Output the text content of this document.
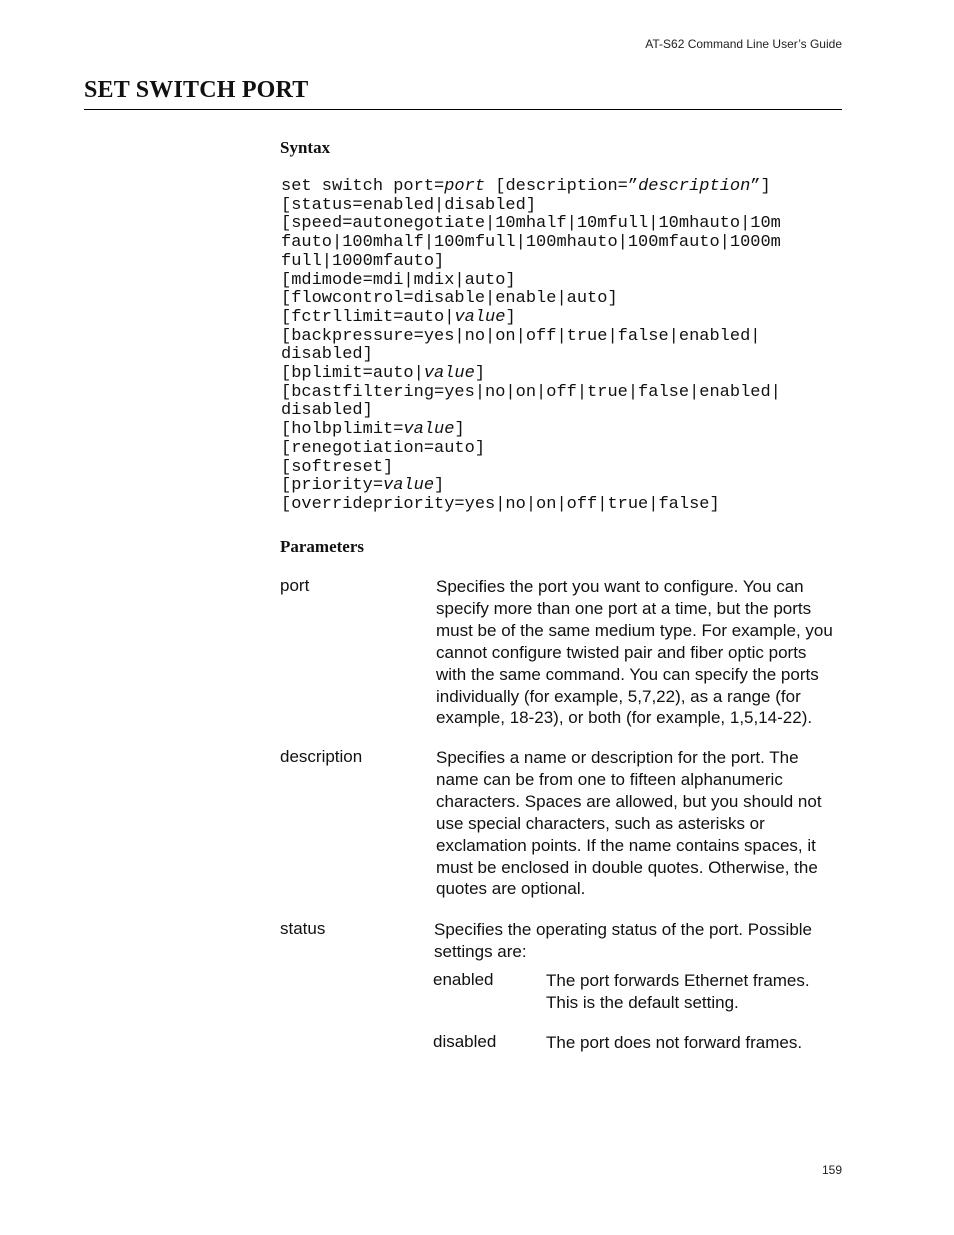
AT-S62 Command Line User’s Guide
SET SWITCH PORT
Syntax
set switch port=port [description=”description”]
[status=enabled|disabled]
[speed=autonegotiate|10mhalf|10mfull|10mhauto|10m
fauto|100mhalf|100mfull|100mhauto|100mfauto|1000m
full|1000mfauto]
[mdimode=mdi|mdix|auto]
[flowcontrol=disable|enable|auto]
[fctrllimit=auto|value]
[backpressure=yes|no|on|off|true|false|enabled|
disabled]
[bplimit=auto|value]
[bcastfiltering=yes|no|on|off|true|false|enabled|
disabled]
[holbplimit=value]
[renegotiation=auto]
[softreset]
[priority=value]
[overridepriority=yes|no|on|off|true|false]
Parameters
port	Specifies the port you want to configure. You can
specify more than one port at a time, but the ports
must be of the same medium type. For example, you
cannot configure twisted pair and fiber optic ports
with the same command. You can specify the ports
individually (for example, 5,7,22), as a range (for
example, 18-23), or both (for example, 1,5,14-22).
description	Specifies a name or description for the port. The
name can be from one to fifteen alphanumeric
characters. Spaces are allowed, but you should not
use special characters, such as asterisks or
exclamation points. If the name contains spaces, it
must be enclosed in double quotes. Otherwise, the
quotes are optional.
status	Specifies the operating status of the port. Possible
settings are:
enabled	The port forwards Ethernet frames.
This is the default setting.
disabled	The port does not forward frames.
159
